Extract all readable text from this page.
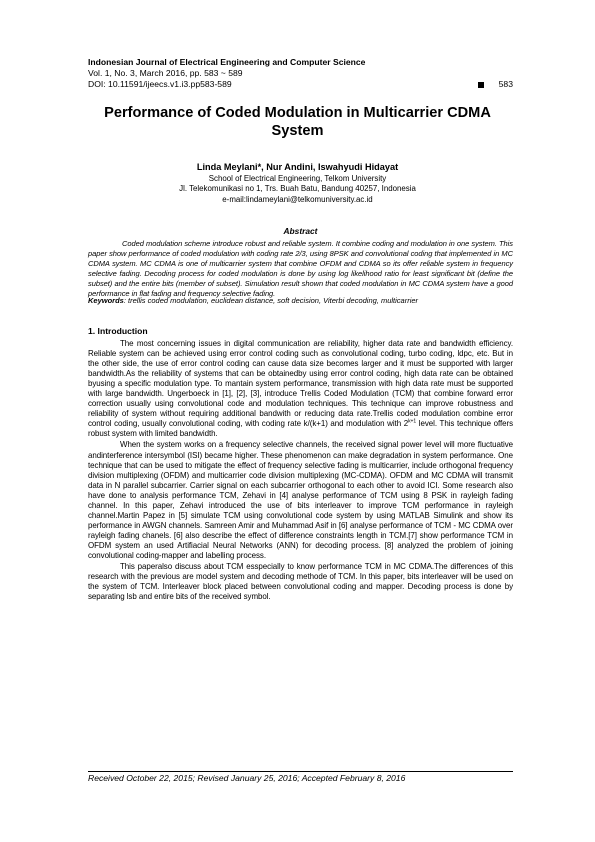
Indonesian Journal of Electrical Engineering and Computer Science
Vol. 1, No. 3, March 2016, pp. 583 ~ 589
DOI: 10.11591/ijeecs.v1.i3.pp583-589	583
Performance of Coded Modulation in Multicarrier CDMA
System
Linda Meylani*, Nur Andini, Iswahyudi Hidayat
School of Electrical Engineering, Telkom University
Jl. Telekomunikasi no 1, Trs. Buah Batu, Bandung 40257, Indonesia
e-mail:lindameylani@telkomuniversity.ac.id
Abstract

Coded modulation scheme introduce robust and reliable system. It combine coding and modulation in one system. This paper show performance of coded modulation with coding rate 2/3, using 8PSK and convolutional coding that implemented in MC CDMA system. MC CDMA is one of multicarrier system that combine OFDM and CDMA so its offer reliable system in frequency selective fading. Decoding process for coded modulation is done by using log likelihood ratio for least significant bit (define the subset) and the entire bits (member of subset). Simulation result shown that coded modulation in MC CDMA system have a good performance in flat fading and frequency selective fading.

Keywords: trellis coded modulation, euclidean distance, soft decision, Viterbi decoding, multicarrier
1. Introduction

The most concerning issues in digital communication are reliability, higher data rate and bandwidth efficiency. Reliable system can be achieved using error control coding such as convolutional coding, turbo coding, ldpc, etc. But in the other side, the use of error control coding can cause data size becomes larger and it must be supported with larger bandwidth.As the reliability of systems that can be obtainedby using error control coding, high data rate can be obtained byusing a specific modulation type. To mantain system performance, transmission with high data rate must be supported with large bandwidth. Ungerboeck in [1], [2], [3], introduce Trellis Coded Modulation (TCM) that combine forward error correction usually using convolutional code and modulation techniques. This technique can improve robustness and reliability of system without requiring additional bandwith or reducing data rate.Trellis coded modulation combine error control coding, usually convolutional coding, with coding rate k/(k+1) and modulation with $2^{k+1}$ level. This technique offers robust system with limited bandwidth.

When the system works on a frequency selective channels, the received signal power level will more fluctuative andinterference intersymbol (ISI) became higher. These phenomenon can make degradation in system performance. One technique that can be used to mitigate the effect of frequency selective fading is multicarrier, include orthogonal frequency division multiplexing (OFDM) and multicarrier code division multiplexing (MC-CDMA). OFDM and MC CDMA will transmit data in N parallel subcarrier. Carrier signal on each subcarrier orthogonal to each other to avoid ICI. Some research also have done to analysis performance TCM, Zehavi in [4] analyse performance of TCM using 8 PSK in rayleigh fading channel. In this paper, Zehavi introduced the use of bits interleaver to improve TCM performance in rayleigh channel.Martin Papez in [5] simulate TCM using convolutional code system by using MATLAB Simulink and show its performance in AWGN channels. Samreen Amir and Muhammad Asif in [6] analyse performance of TCM - MC CDMA over rayleigh fading chanels. [6] also describe the effect of difference constraints length in TCM.[7] show performance TCM in OFDM system an used Artifiacial Neural Networks (ANN) for decoding process. [8] analyzed the problem of joining convolutional coding-mapper and labelling process.

This paperalso discuss about TCM esspecially to know performance TCM in MC CDMA.The differences of this research with the previous are model system and decoding methode of TCM. In this paper, bits interleaver will be used on the system of TCM. Interleaver block placed between convolutional coding and mapper. Decoding process is done by separating lsb and entire bits of the received symbol.

Received October 22, 2015; Revised January 25, 2016; Accepted February 8, 2016
